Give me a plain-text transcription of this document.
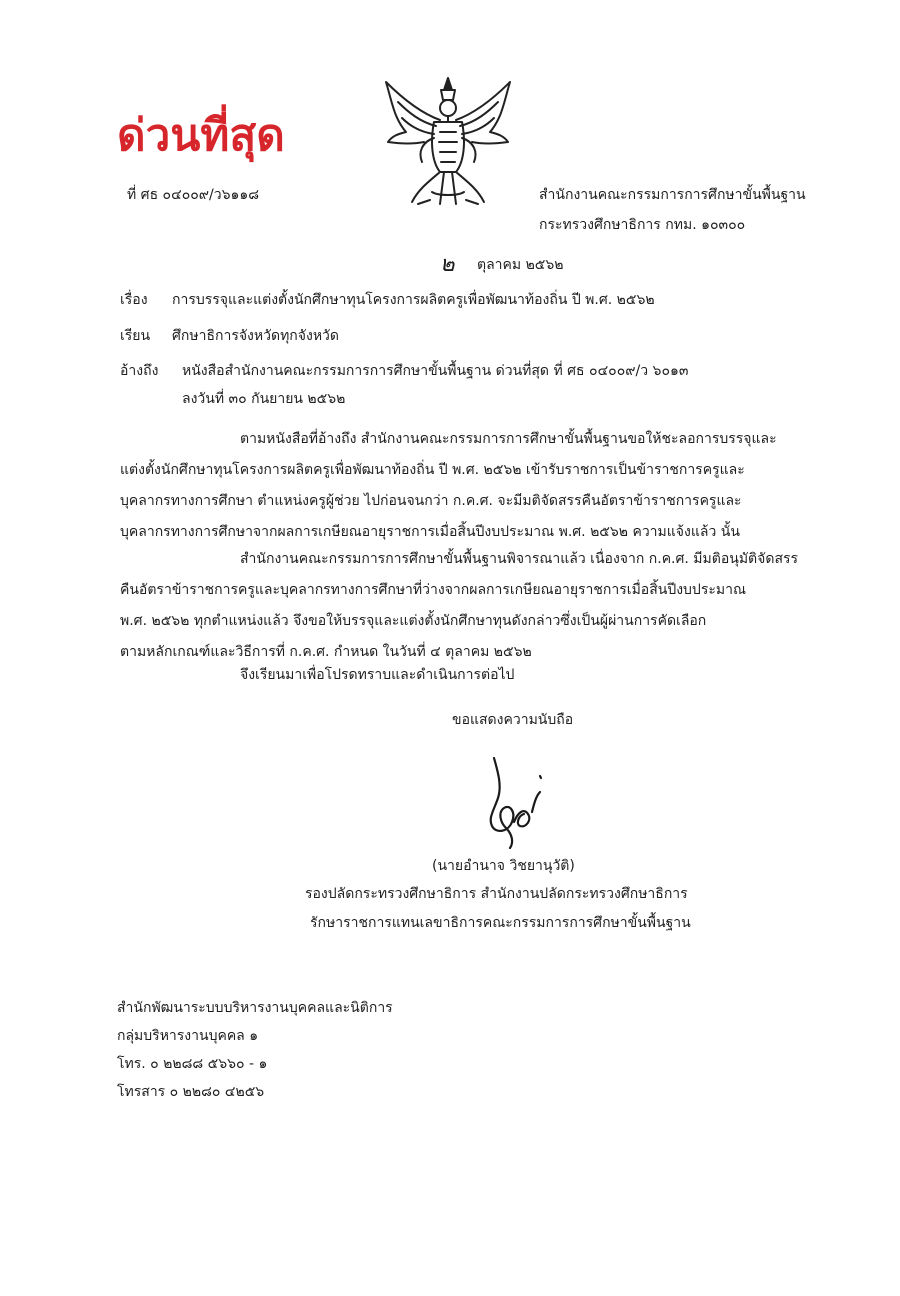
ด่วนที่สุด
ที่ ศธ ๐๔๐๐๙/ว๖๑๑๘	สำนักงานคณะกรรมการการศึกษาขั้นพื้นฐาน
กระทรวงศึกษาธิการ กทม. ๑๐๓๐๐
๒ ตุลาคม ๒๕๖๒
เรื่อง การบรรจุและแต่งตั้งนักศึกษาทุนโครงการผลิตครูเพื่อพัฒนาท้องถิ่น ปี พ.ศ. ๒๕๖๒
เรียน ศึกษาธิการจังหวัดทุกจังหวัด
อ้างถึง หนังสือสำนักงานคณะกรรมการการศึกษาขั้นพื้นฐาน ด่วนที่สุด ที่ ศธ ๐๔๐๐๙/ว ๖๐๑๓
ลงวันที่ ๓๐ กันยายน ๒๕๖๒
ตามหนังสือที่อ้างถึง สำนักงานคณะกรรมการการศึกษาขั้นพื้นฐานขอให้ชะลอการบรรจุและ
แต่งตั้งนักศึกษาทุนโครงการผลิตครูเพื่อพัฒนาท้องถิ่น ปี พ.ศ. ๒๕๖๒ เข้ารับราชการเป็นข้าราชการครูและ
บุคลากรทางการศึกษา ตำแหน่งครูผู้ช่วย ไปก่อนจนกว่า ก.ค.ศ. จะมีมติจัดสรรคืนอัตราข้าราชการครูและ
บุคลากรทางการศึกษาจากผลการเกษียณอายุราชการเมื่อสิ้นปีงบประมาณ พ.ศ. ๒๕๖๒ ความแจ้งแล้ว นั้น
สำนักงานคณะกรรมการการศึกษาขั้นพื้นฐานพิจารณาแล้ว เนื่องจาก ก.ค.ศ. มีมติอนุมัติจัดสรร
คืนอัตราข้าราชการครูและบุคลากรทางการศึกษาที่ว่างจากผลการเกษียณอายุราชการเมื่อสิ้นปีงบประมาณ
พ.ศ. ๒๕๖๒ ทุกตำแหน่งแล้ว จึงขอให้บรรจุและแต่งตั้งนักศึกษาทุนดังกล่าวซึ่งเป็นผู้ผ่านการคัดเลือก
ตามหลักเกณฑ์และวิธีการที่ ก.ค.ศ. กำหนด ในวันที่ ๔ ตุลาคม ๒๕๖๒
จึงเรียนมาเพื่อโปรดทราบและดำเนินการต่อไป
ขอแสดงความนับถือ
(นายอำนาจ วิชยานุวัติ)
รองปลัดกระทรวงศึกษาธิการ สำนักงานปลัดกระทรวงศึกษาธิการ
รักษาราชการแทนเลขาธิการคณะกรรมการการศึกษาขั้นพื้นฐาน
สำนักพัฒนาระบบบริหารงานบุคคลและนิติการ
กลุ่มบริหารงานบุคคล ๑
โทร. ๐ ๒๒๘๘ ๕๖๖๐ - ๑
โทรสาร ๐ ๒๒๘๐ ๔๒๕๖
